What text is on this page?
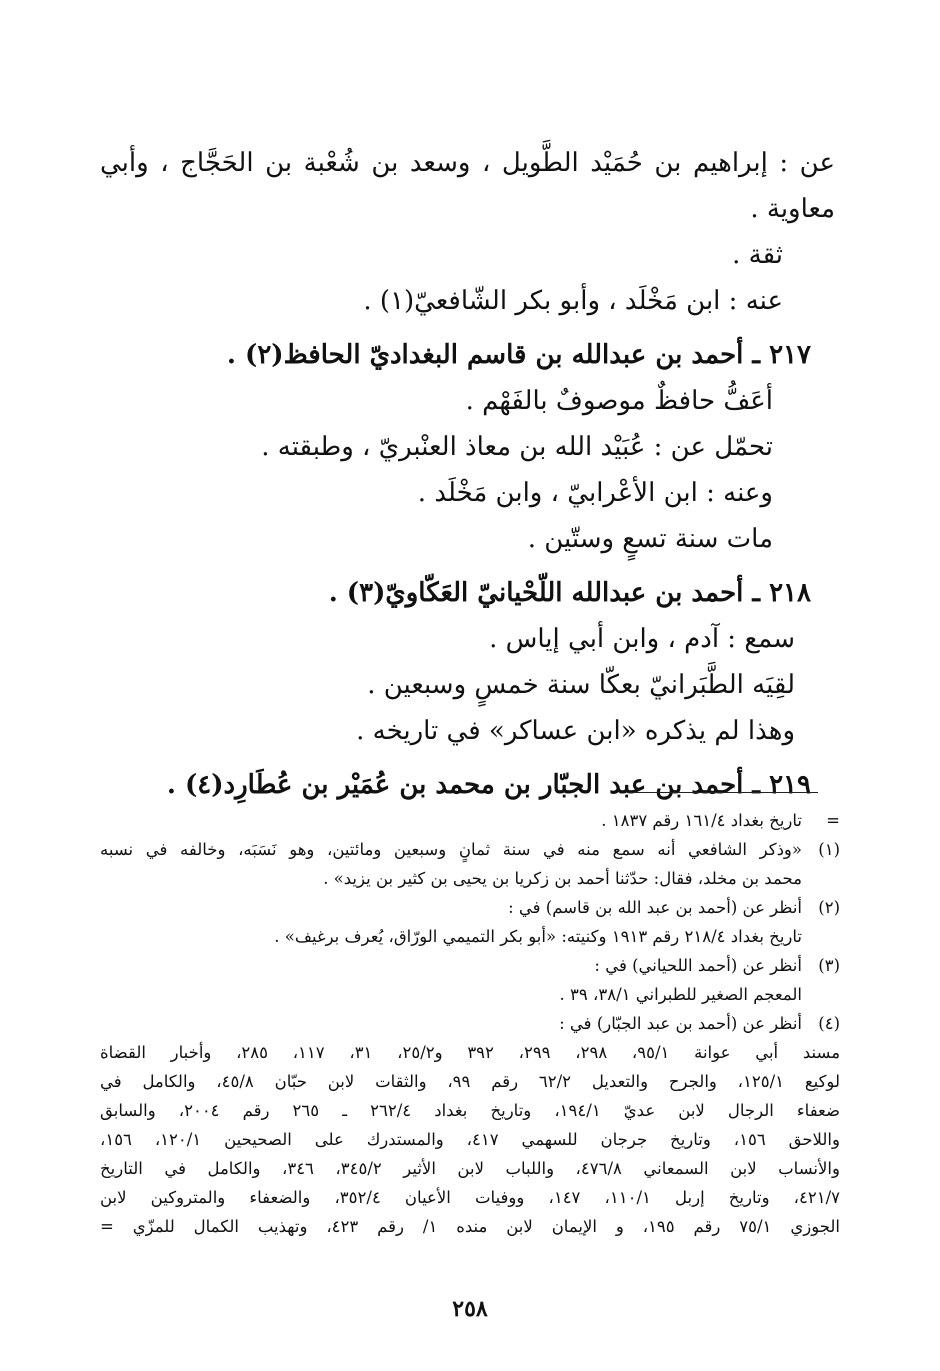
عن : إبراهيم بن حُمَيْد الطَّويل ، وسعد بن شُعْبة بن الحَجَّاج ، وأبي
معاوية .
ثقة .
عنه : ابن مَخْلَد ، وأبو بكر الشّافعيّ(١) .
٢١٧ ـ أحمد بن عبدالله بن قاسم البغداديّ الحافظ(٢) .
أعَفُّ حافظٌ موصوفٌ بالفَهْم .
تحمّل عن : عُبَيْد الله بن معاذ العنْبريّ ، وطبقته .
وعنه : ابن الأعْرابيّ ، وابن مَخْلَد .
مات سنة تسعٍ وستّين .
٢١٨ ـ أحمد بن عبدالله اللّحْيانيّ العَكّاويّ(٣) .
سمع : آدم ، وابن أبي إياس .
لقِيَه الطَّبَرانيّ بعكّا سنة خمسٍ وسبعين .
وهذا لم يذكره «ابن عساكر» في تاريخه .
٢١٩ ـ أحمد بن عبد الجبّار بن محمد بن عُمَيْر بن عُطَارِد(٤) .
=
تاريخ بغداد ١٦١/٤ رقم ١٨٣٧ .
(١)
«وذكر الشافعي أنه سمع منه في سنة ثمانٍ وسبعين ومائتين، وهو نَسَبَه، وخالفه في نسبه
محمد بن مخلد، فقال: حدّثنا أحمد بن زكريا بن يحيى بن كثير بن يزيد» .
(٢)
أنظر عن (أحمد بن عبد الله بن قاسم) في :
تاريخ بغداد ٢١٨/٤ رقم ١٩١٣ وكنيته: «أبو بكر التميمي الورّاق، يُعرف برغيف» .
(٣)
أنظر عن (أحمد اللحياني) في :
المعجم الصغير للطبراني ٣٨/١، ٣٩ .
(٤)
أنظر عن (أحمد بن عبد الجبّار) في :
مسند أبي عوانة ٩٥/١، ٢٩٨، ٢٩٩، ٣٩٢ و٢٥/٢، ٣١، ١١٧، ٢٨٥، وأخبار القضاة
لوكيع ١٢٥/١، والجرح والتعديل ٦٢/٢ رقم ٩٩، والثقات لابن حبّان ٤٥/٨، والكامل في
ضعفاء الرجال لابن عديّ ١٩٤/١، وتاريخ بغداد ٢٦٢/٤ ـ ٢٦٥ رقم ٢٠٠٤، والسابق
واللاحق ١٥٦، وتاريخ جرجان للسهمي ٤١٧، والمستدرك على الصحيحين ١٢٠/١، ١٥٦،
والأنساب لابن السمعاني ٤٧٦/٨، واللباب لابن الأثير ٣٤٥/٢، ٣٤٦، والكامل في التاريخ
٤٢١/٧، وتاريخ إربل ١١٠/١، ١٤٧، ووفيات الأعيان ٣٥٢/٤، والضعفاء والمتروكين لابن
الجوزي ٧٥/١ رقم ١٩٥، و الإيمان لابن منده ١/ رقم ٤٢٣، وتهذيب الكمال للمزّي =
٢٥٨
